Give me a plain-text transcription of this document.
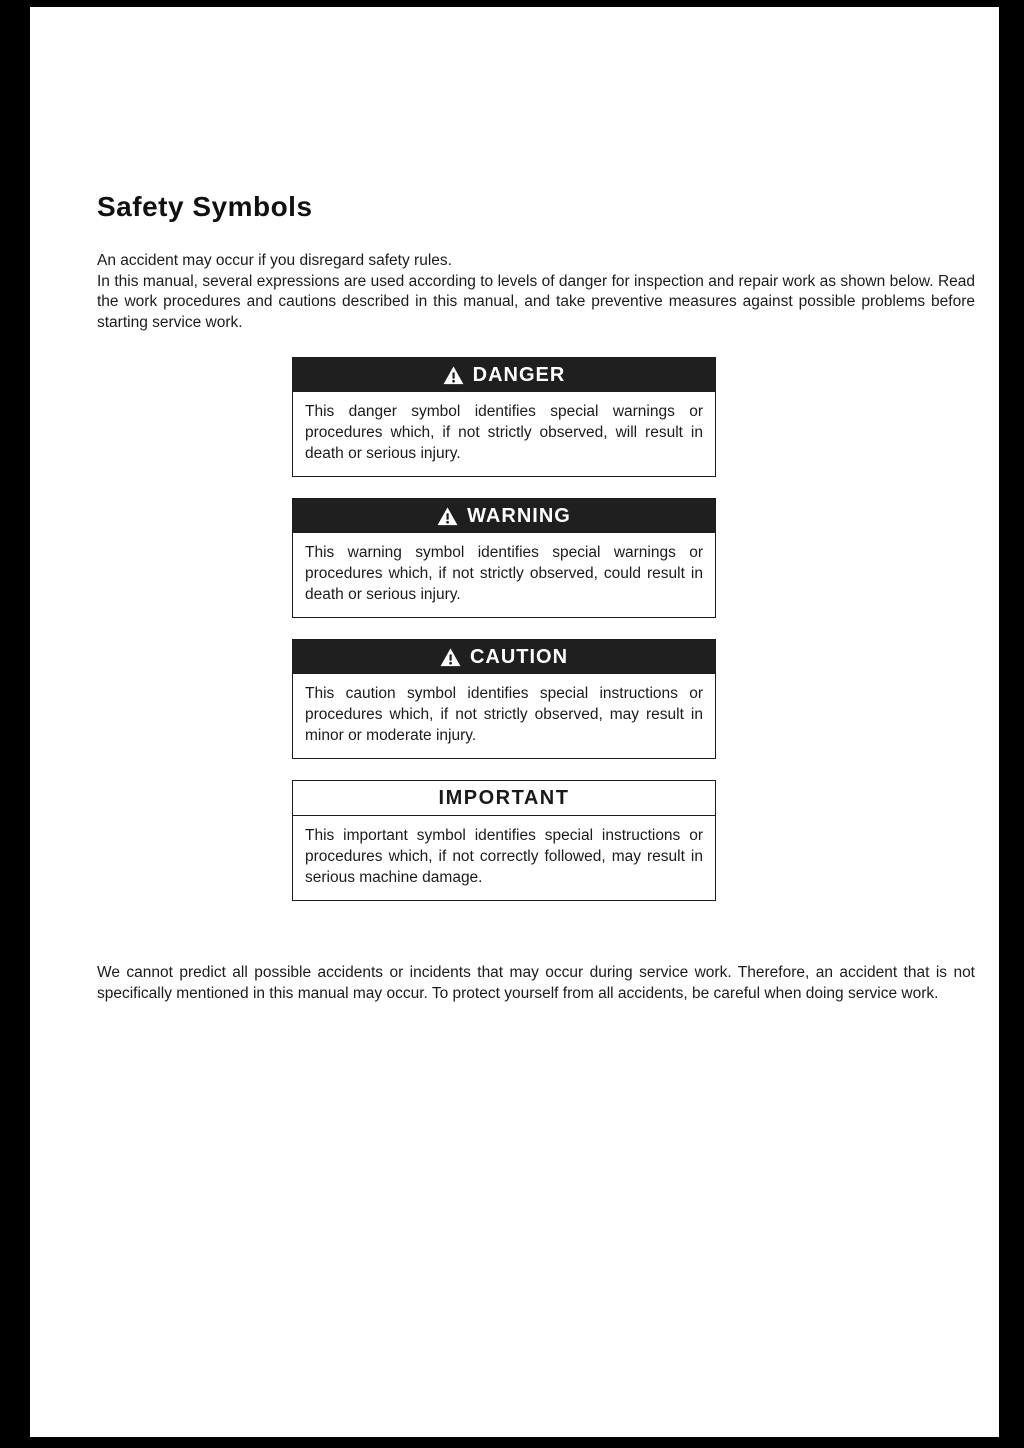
Safety Symbols

An accident may occur if you disregard safety rules.

In this manual, several expressions are used according to levels of danger for inspection and repair work as shown below. Read the work procedures and cautions described in this manual, and take preventive measures against possible problems before starting service work.

DANGER
This danger symbol identifies special warnings or procedures which, if not strictly observed, will result in death or serious injury.
WARNING
This warning symbol identifies special warnings or procedures which, if not strictly observed, could result in death or serious injury.
CAUTION
This caution symbol identifies special instructions or procedures which, if not strictly observed, may result in minor or moderate injury.
IMPORTANT
This important symbol identifies special instructions or procedures which, if not correctly followed, may result in serious machine damage.

We cannot predict all possible accidents or incidents that may occur during service work. Therefore, an accident that is not specifically mentioned in this manual may occur. To protect yourself from all accidents, be careful when doing service work.
